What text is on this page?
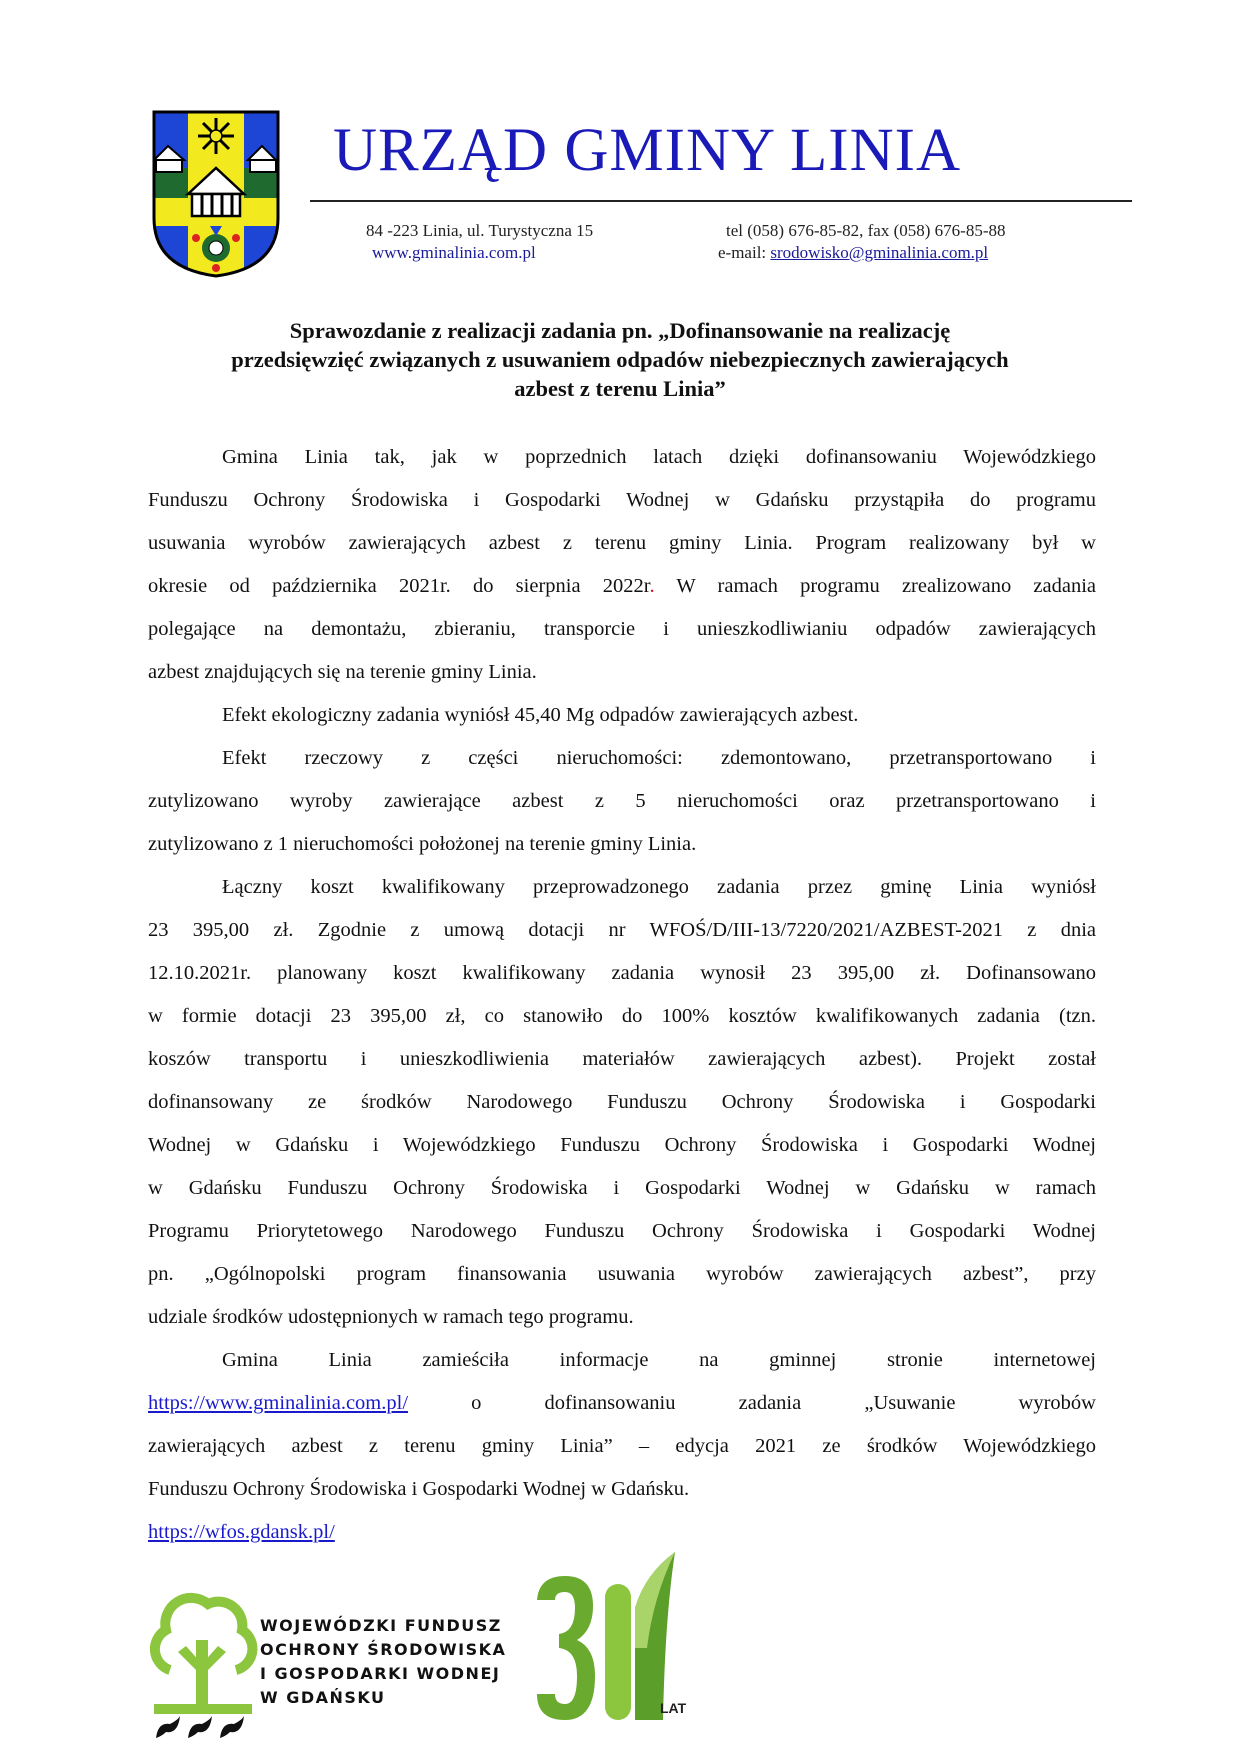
URZĄD GMINY LINIA
84 -223 Linia, ul. Turystyczna 15
www.gminalinia.com.pl
tel (058) 676-85-82, fax (058) 676-85-88
e-mail: srodowisko@gminalinia.com.pl
Sprawozdanie z realizacji zadania pn. „Dofinansowanie na realizację
przedsięwzięć związanych z usuwaniem odpadów niebezpiecznych zawierających
azbest z terenu Linia”
Gmina Linia tak, jak w poprzednich latach dzięki dofinansowaniu Wojewódzkiego
Funduszu Ochrony Środowiska i Gospodarki Wodnej w Gdańsku przystąpiła do programu
usuwania wyrobów zawierających azbest z terenu gminy Linia. Program realizowany był w
okresie od października 2021r. do sierpnia 2022r. W ramach programu zrealizowano zadania
polegające na demontażu, zbieraniu, transporcie i unieszkodliwianiu odpadów zawierających
azbest znajdujących się na terenie gminy Linia.
Efekt ekologiczny zadania wyniósł 45,40 Mg odpadów zawierających azbest.
Efekt rzeczowy z części nieruchomości: zdemontowano, przetransportowano i
zutylizowano wyroby zawierające azbest z 5 nieruchomości oraz przetransportowano i
zutylizowano z 1 nieruchomości położonej na terenie gminy Linia.
Łączny koszt kwalifikowany przeprowadzonego zadania przez gminę Linia wyniósł
23 395,00 zł. Zgodnie z umową dotacji nr WFOŚ/D/III-13/7220/2021/AZBEST-2021 z dnia
12.10.2021r. planowany koszt kwalifikowany zadania wynosił 23 395,00 zł. Dofinansowano
w formie dotacji 23 395,00 zł, co stanowiło do 100% kosztów kwalifikowanych zadania (tzn.
koszów transportu i unieszkodliwienia materiałów zawierających azbest). Projekt został
dofinansowany ze środków Narodowego Funduszu Ochrony Środowiska i Gospodarki
Wodnej w Gdańsku i Wojewódzkiego Funduszu Ochrony Środowiska i Gospodarki Wodnej
w Gdańsku Funduszu Ochrony Środowiska i Gospodarki Wodnej w Gdańsku w ramach
Programu Priorytetowego Narodowego Funduszu Ochrony Środowiska i Gospodarki Wodnej
pn. „Ogólnopolski program finansowania usuwania wyrobów zawierających azbest”, przy
udziale środków udostępnionych w ramach tego programu.
Gmina Linia zamieściła informacje na gminnej stronie internetowej
https://www.gminalinia.com.pl/ o dofinansowaniu zadania „Usuwanie wyrobów
zawierających azbest z terenu gminy Linia” – edycja 2021 ze środków Wojewódzkiego
Funduszu Ochrony Środowiska i Gospodarki Wodnej w Gdańsku.
https://wfos.gdansk.pl/
WOJEWÓDZKI FUNDUSZ
OCHRONY ŚRODOWISKA
I GOSPODARKI WODNEJ
W GDAŃSKU
LAT
